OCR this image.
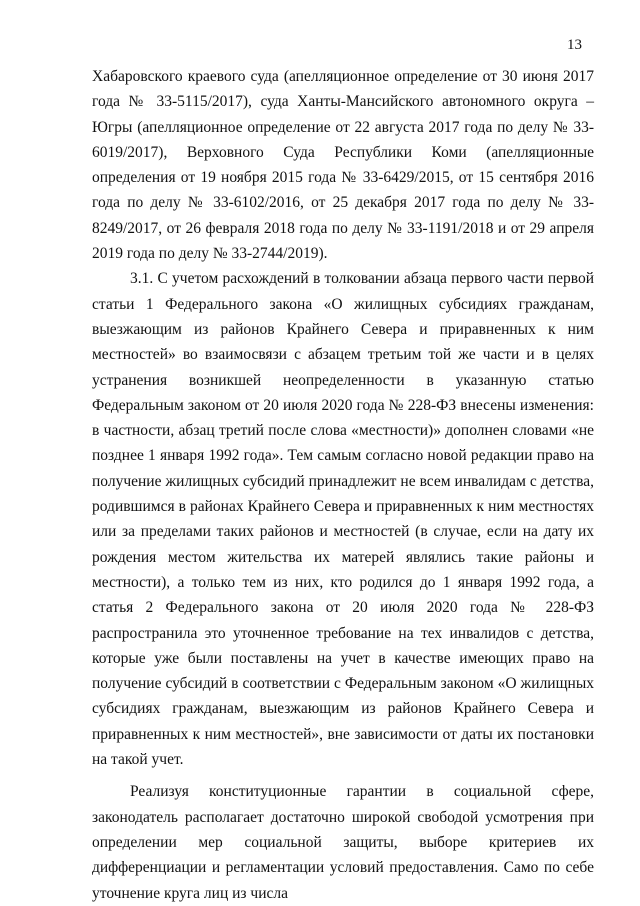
13

Хабаровского краевого суда (апелляционное определение от 30 июня 2017 года № 33-5115/2017), суда Ханты-Мансийского автономного округа – Югры (апелляционное определение от 22 августа 2017 года по делу № 33-6019/2017), Верховного Суда Республики Коми (апелляционные определения от 19 ноября 2015 года № 33-6429/2015, от 15 сентября 2016 года по делу № 33-6102/2016, от 25 декабря 2017 года по делу № 33-8249/2017, от 26 февраля 2018 года по делу № 33-1191/2018 и от 29 апреля 2019 года по делу № 33-2744/2019).

3.1. С учетом расхождений в толковании абзаца первого части первой статьи 1 Федерального закона «О жилищных субсидиях гражданам, выезжающим из районов Крайнего Севера и приравненных к ним местностей» во взаимосвязи с абзацем третьим той же части и в целях устранения возникшей неопределенности в указанную статью Федеральным законом от 20 июля 2020 года № 228-ФЗ внесены изменения: в частности, абзац третий после слова «местности)» дополнен словами «не позднее 1 января 1992 года». Тем самым согласно новой редакции право на получение жилищных субсидий принадлежит не всем инвалидам с детства, родившимся в районах Крайнего Севера и приравненных к ним местностях или за пределами таких районов и местностей (в случае, если на дату их рождения местом жительства их матерей являлись такие районы и местности), а только тем из них, кто родился до 1 января 1992 года, а статья 2 Федерального закона от 20 июля 2020 года № 228-ФЗ распространила это уточненное требование на тех инвалидов с детства, которые уже были поставлены на учет в качестве имеющих право на получение субсидий в соответствии с Федеральным законом «О жилищных субсидиях гражданам, выезжающим из районов Крайнего Севера и приравненных к ним местностей», вне зависимости от даты их постановки на такой учет.

Реализуя конституционные гарантии в социальной сфере, законодатель располагает достаточно широкой свободой усмотрения при определении мер социальной защиты, выборе критериев их дифференциации и регламентации условий предоставления. Само по себе уточнение круга лиц из числа
